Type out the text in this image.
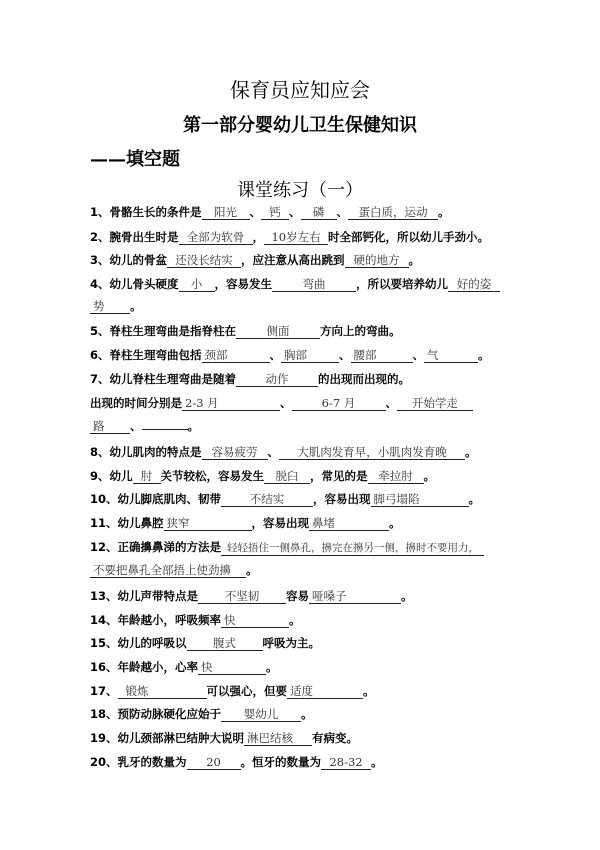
保育员应知应会
第一部分婴幼儿卫生保健知识
——填空题
课堂练习（一）
1、骨骼生长的条件是 阳光 、 钙 、 磷 、 蛋白质，运动 。
2、腕骨出生时是 全部为软骨 ， 10岁左右 时全部钙化，所以幼儿手劲小。
3、幼儿的骨盆 还没长结实 ，应注意从高出跳到 硬的地方 。
4、幼儿骨头硬度 小 ，容易发生	弯曲	，所以要培养幼儿 好的姿
势 。
5、脊柱生理弯曲是指脊柱在	侧面	方向上的弯曲。
6、脊柱生理弯曲包括 颈部	、 胸部	、 腰部	、 气	。
7、幼儿脊柱生理弯曲是随着	动作	的出现而出现的。
出现的时间分别是 2-3 月	、	6-7 月	、 开始学走
路 、	。
8、幼儿肌肉的特点是 容易疲劳 、 大肌肉发育早，小肌肉发育晚 。
9、幼儿 肘 关节较松，容易发生 脱臼 ，常见的是 牵拉肘 。
10、幼儿脚底肌肉、韧带	不结实	，容易出现 脚弓塌陷	。
11、幼儿鼻腔 狭窄	，容易出现 鼻堵	。
12、正确擤鼻涕的方法是 轻轻捂住一侧鼻孔，擤完在擤另一侧，擤时不要用力，
不要把鼻孔全部捂上使劲擤 。
13、幼儿声带特点是 不坚韧 容易 哑嗓子	。
14、年龄越小，呼吸频率 快	。
15、幼儿的呼吸以 腹式 呼吸为主。
16、年龄越小，心率 快	。
17、 锻炼	可以强心，但要 适度	。
18、预防动脉硬化应始于 婴幼儿 。
19、幼儿颈部淋巴结肿大说明 淋巴结核 有病变。
20、乳牙的数量为 20 。恒牙的数量为 28-32 。
